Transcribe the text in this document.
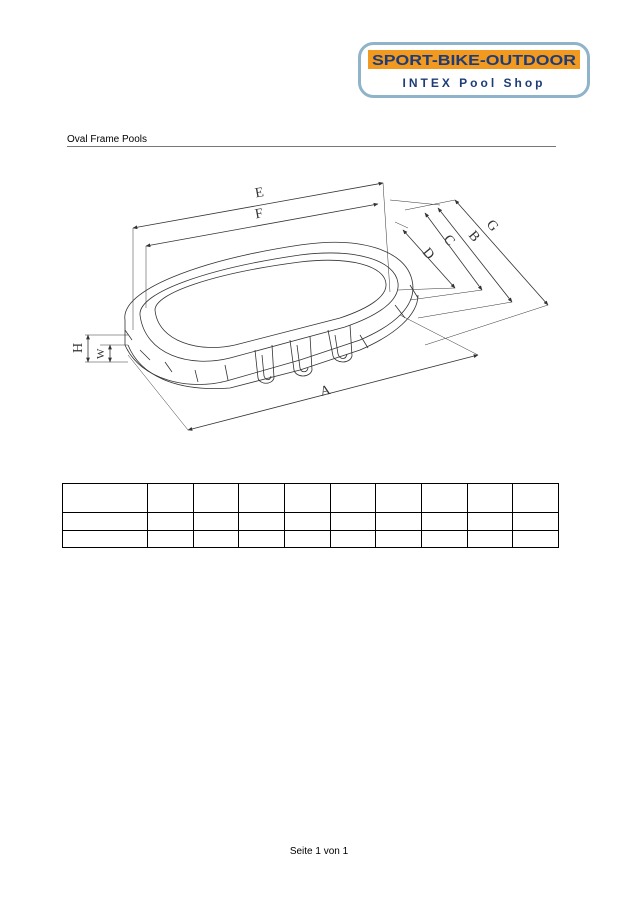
SPORT-BIKE-OUTDOOR
INTEX Pool Shop
Oval Frame Pools
E
F
D
C B
G
A
H
W

Seite 1 von 1
